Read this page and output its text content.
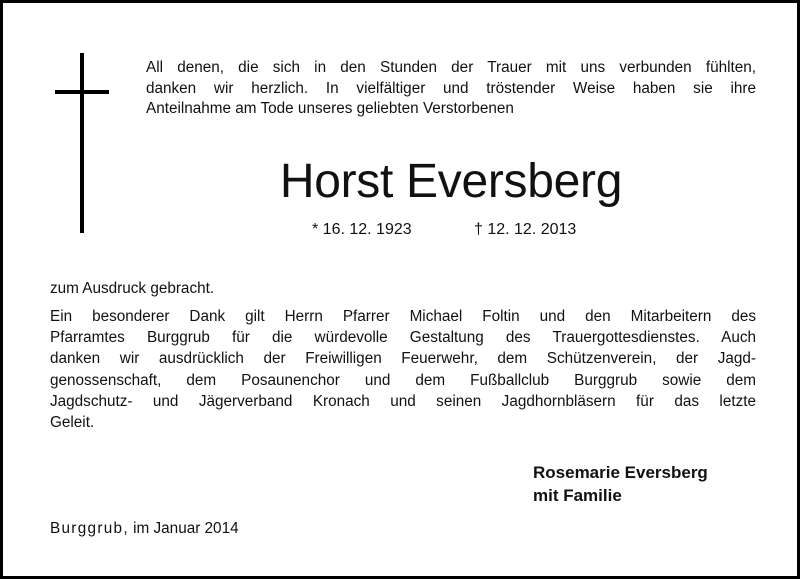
All denen, die sich in den Stunden der Trauer mit uns verbunden fühlten,
danken wir herzlich. In vielfältiger und tröstender Weise haben sie ihre
Anteilnahme am Tode unseres geliebten Verstorbenen
Horst Eversberg
* 16. 12. 1923	† 12. 12. 2013
zum Ausdruck gebracht.
Ein besonderer Dank gilt Herrn Pfarrer Michael Foltin und den Mitarbeitern des
Pfarramtes Burggrub für die würdevolle Gestaltung des Trauergottesdienstes. Auch
danken wir ausdrücklich der Freiwilligen Feuerwehr, dem Schützenverein, der Jagd-
genossenschaft, dem Posaunenchor und dem Fußballclub Burggrub sowie dem
Jagdschutz- und Jägerverband Kronach und seinen Jagdhornbläsern für das letzte
Geleit.
Rosemarie Eversberg
mit Familie
Burggrub, im Januar 2014
